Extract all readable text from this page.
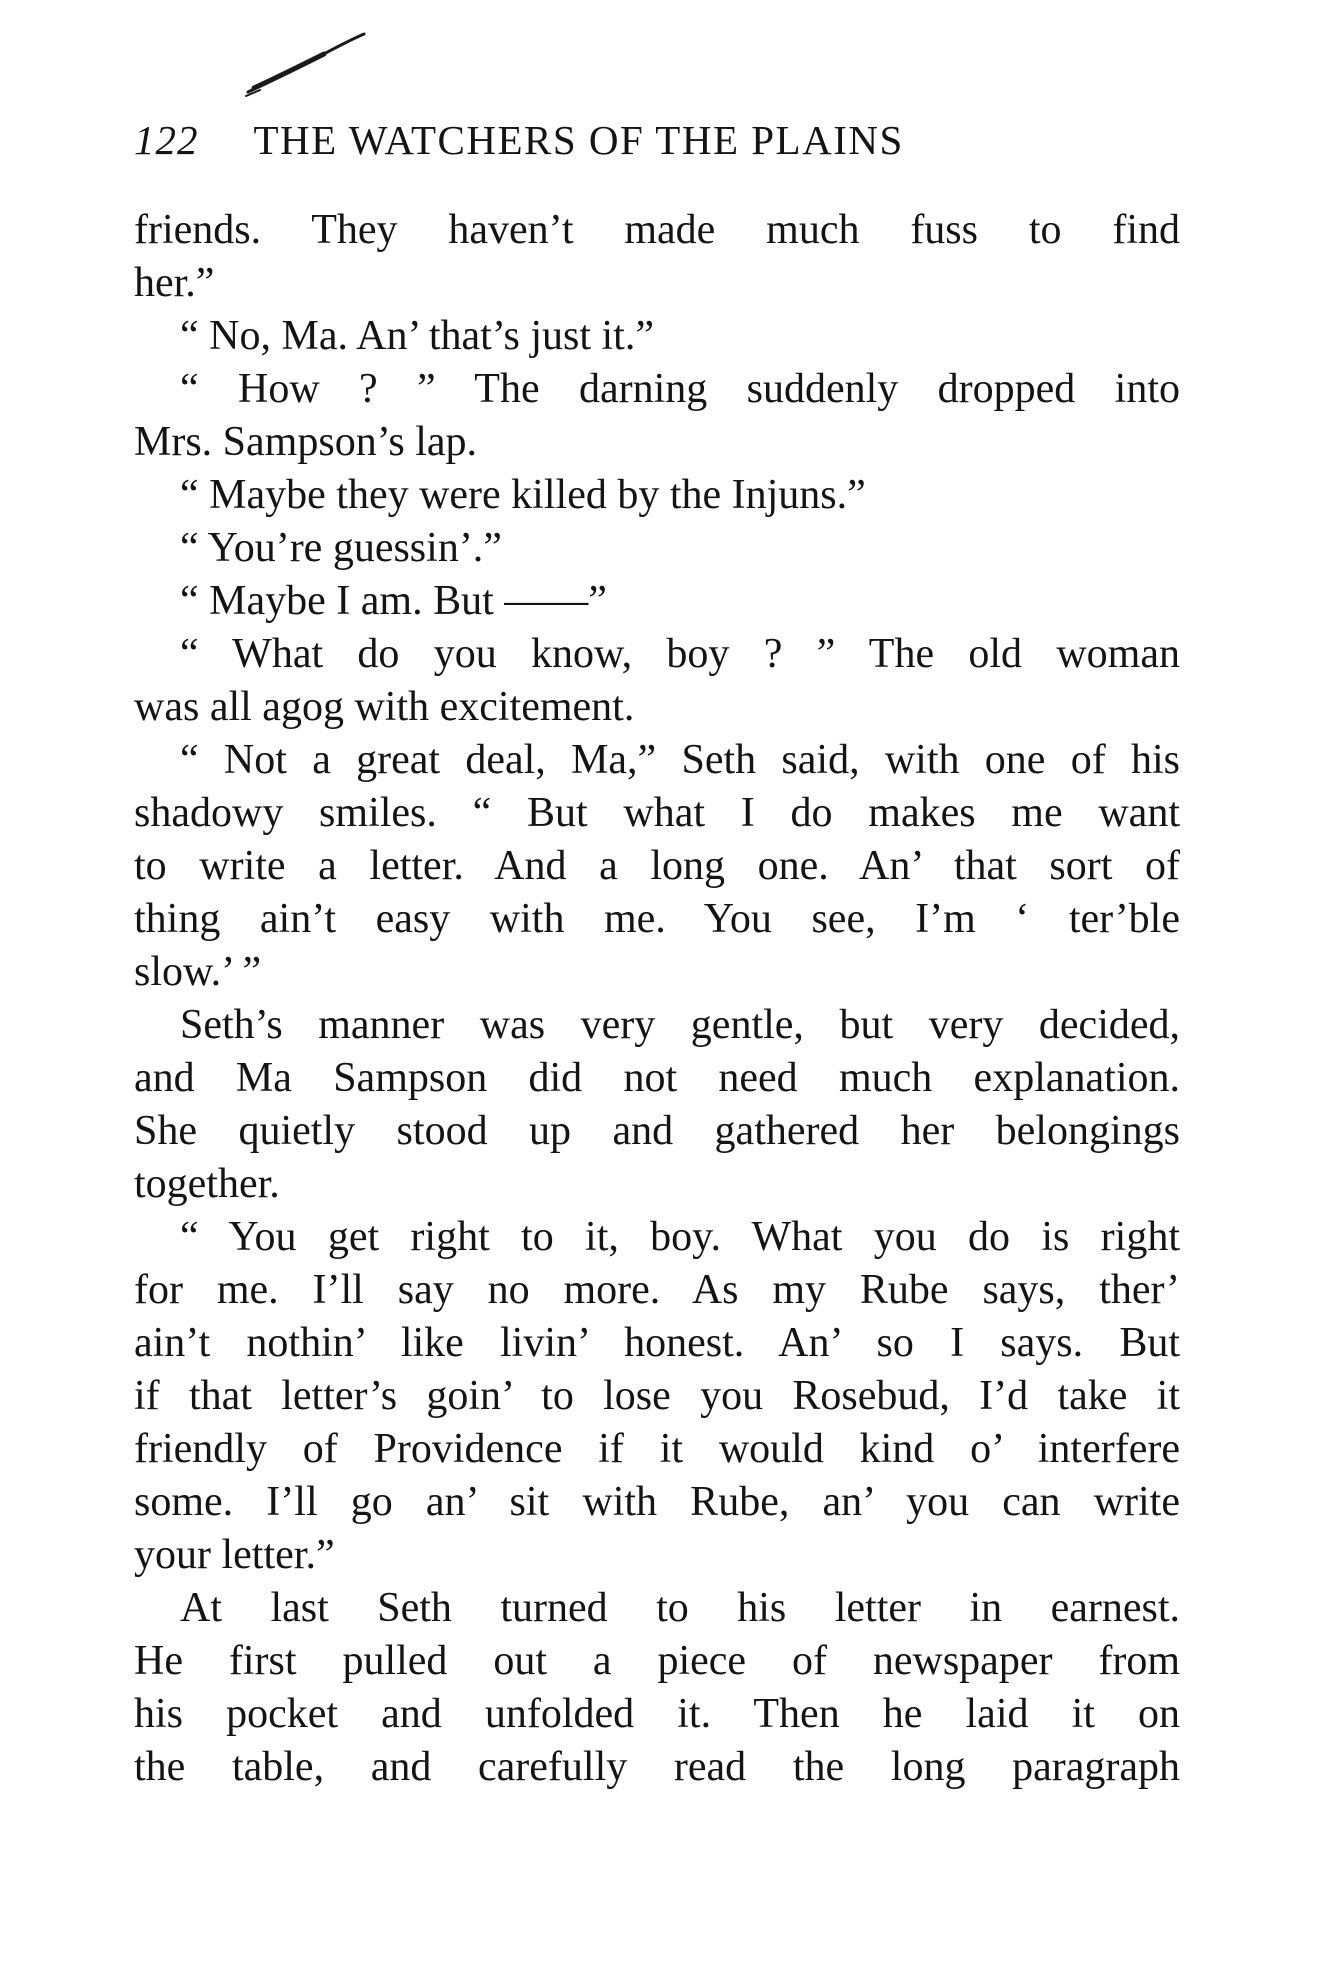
122 THE WATCHERS OF THE PLAINS
friends. They haven’t made much fuss to find
her.”
“ No, Ma. An’ that’s just it.”
“ How ? ” The darning suddenly dropped into
Mrs. Sampson’s lap.
“ Maybe they were killed by the Injuns.”
“ You’re guessin’.”
“ Maybe I am. But ——”
“ What do you know, boy ? ” The old woman
was all agog with excitement.
“ Not a great deal, Ma,” Seth said, with one of his
shadowy smiles. “ But what I do makes me want
to write a letter. And a long one. An’ that sort of
thing ain’t easy with me. You see, I’m ‘ ter’ble
slow.’ ”
Seth’s manner was very gentle, but very decided,
and Ma Sampson did not need much explanation.
She quietly stood up and gathered her belongings
together.
“ You get right to it, boy. What you do is right
for me. I’ll say no more. As my Rube says, ther’
ain’t nothin’ like livin’ honest. An’ so I says. But
if that letter’s goin’ to lose you Rosebud, I’d take it
friendly of Providence if it would kind o’ interfere
some. I’ll go an’ sit with Rube, an’ you can write
your letter.”
At last Seth turned to his letter in earnest.
He first pulled out a piece of newspaper from
his pocket and unfolded it. Then he laid it on
the table, and carefully read the long paragraph
